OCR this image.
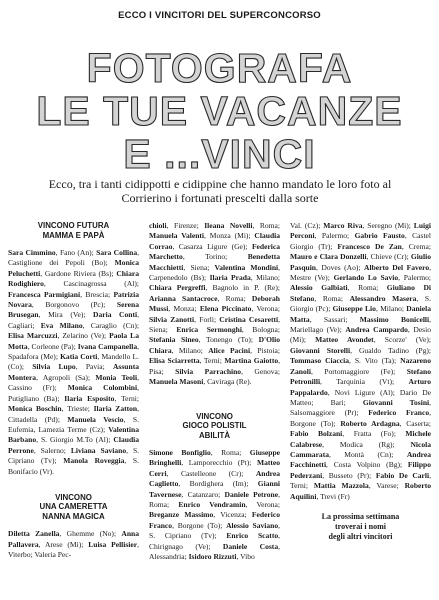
ECCO I VINCITORI DEL SUPERCONCORSO
FOTOGRAFA
LE TUE VACANZE
E ...VINCI
Ecco, tra i tanti cidippotti e cidippine che hanno mandato le loro foto al Corrierino i fortunati prescelti dalla sorte
VINCONO FUTURA
MAMMA E PAPÀ
Sara Cimmino, Fano (An); Sara Collina, Castiglione dei Pepoli (Bo); Monica Peluchetti, Gardone Riviera (Bs); Chiara Rodighiero, Cascinagrossa (Al); Francesca Parmigiani, Brescia; Patrizia Novara, Borgonovo (Pc); Serena Brusegan, Mira (Ve); Daria Conti, Cagliari; Eva Milano, Caraglio (Cn); Elisa Marcuzzi, Zelarino (Ve); Paola La Motta, Corleone (Pa); Ivana Campanella, Spadafora (Me); Katia Corti, Mandello L. (Co); Silvia Lupo, Pavia; Assunta Montera, Agropoli (Sa); Monia Teoli, Cassino (Fr); Monica Colombini, Putigliano (Ba); Ilaria Esposito, Terni; Monica Boschin, Trieste; Ilaria Zatton, Cittadella (Pd); Manuela Vescio, S. Eufemia, Lamezia Terme (Cz); Valentina Barbano, S. Giorgio M.To (Al); Claudia Perrone, Salerno; Liviana Saviano, S. Cipriano (Tv); Manola Roveggia, S. Bonifacio (Vr).
VINCONO
UNA CAMERETTA
NANNA MAGICA
Diletta Zanella, Ghemme (No); Anna Pallavera, Arese (Mi); Luisa Pellisier, Viterbo; Valeria Pec-
chioli, Firenze; Ileana Novelli, Roma; Manuela Valenti, Monza (Mi); Claudia Corrao, Casarza Ligure (Ge); Federica Marchetto, Torino; Benedetta Macchietti, Siena; Valentina Mondini, Carpenedolo (Bs); Ilaria Prada, Milano; Chiara Pergreffi, Bagnolo in P. (Re); Arianna Santacroce, Roma; Deborah Mussi, Monza; Elena Piccinato, Verona; Silvia Zanotti, Forlì; Cristina Cesaretti, Siena; Enrica Sermonghi, Bologna; Stefania Sineo, Tonengo (To); D'Olio Chiara, Milano; Alice Pacini, Pistoia; Elisa Sciarretta, Terni; Martina Gaiotto, Pisa; Silvia Parrachino, Genova; Manuela Masoni, Caviraga (Re).
VINCONO
GIOCO POLISTIL
ABILITÀ
Simone Bonfiglio, Roma; Giuseppe Bringhelli, Lamporecchio (Pt); Matteo Cerri, Castelleone (Cr); Andrea Caglietto, Bordighera (Im); Gianni Tavernese, Catanzaro; Daniele Petrone, Roma; Enrico Vendramin, Verona; Breganze Massimo, Vicenza; Federico Franco, Borgone (To); Alessio Saviano, S. Cipriano (Tv); Enrico Scatto, Chirignago (Ve); Daniele Costa, Alessandria; Isidoro Rizzuti, Vibo
Val. (Cz); Marco Riva, Seregno (Mi); Luigi Perconi, Palermo; Gabrio Fausto, Castel Giorgio (Tr); Francesco De Zan, Crema; Mauro e Clara Donzelli, Chieve (Cr); Giulio Pasquin, Doves (Ao); Alberto Del Favero, Mestre (Ve); Gerlando Lo Savio, Palermo; Alessio Galbiati, Roma; Giuliano Di Stefano, Roma; Alessandro Masera, S. Giorgio (Pc); Giuseppe Lio, Milano; Daniela Matta, Sassari; Massimo Bonicelli, Mariellago (Ve); Andrea Campardo, Desio (Mi); Matteo Avondet, Scorze' (Ve); Giovanni Storelli, Gualdo Tadino (Pg); Tommaso Ciaccia, S. Vito (Ta); Nazareno Zanoli, Portomaggiore (Fe); Stefano Petronilli, Tarquinia (Vt); Arturo Pappalardo, Novi Ligure (Al); Dario De Matteo; Bari; Giovanni Tosini, Salsomaggiore (Pr); Federico Franco, Borgone (To); Roberto Ardagna, Caserta; Fabio Bolzani, Fratta (Fo); Michele Calabrese, Modica (Rg); Nicola Cammarata, Montà (Cn); Andrea Facchinetti, Costa Volpino (Bg); Filippo Pederzani, Busseto (Pr); Fabio De Carli, Terni; Mattia Mazzola, Varese; Roberto Aquilini, Trevi (Fr)
La prossima settimana
troverai i nomi
degli altri vincitori
